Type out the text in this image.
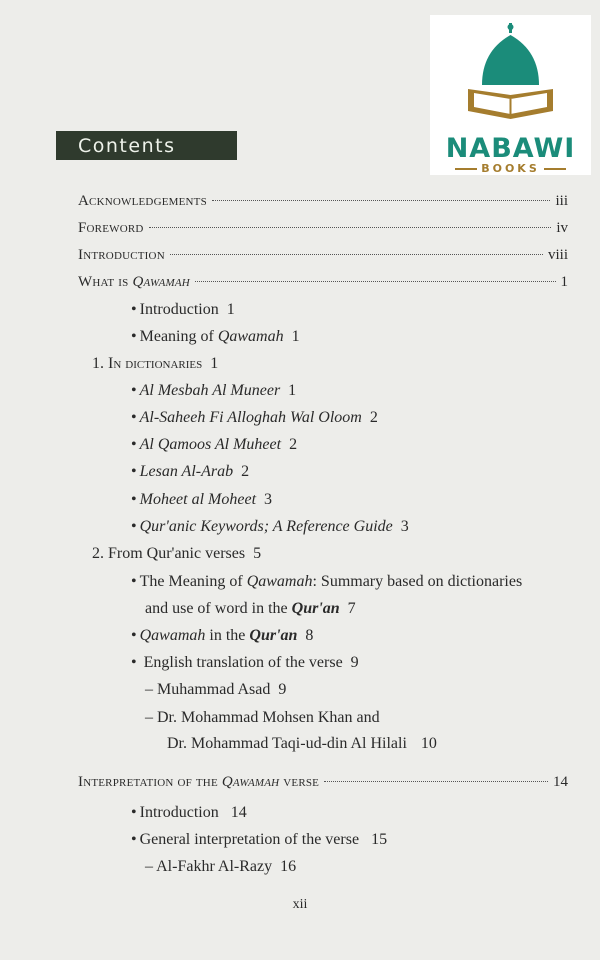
NABAWI
BOOKS
Contents
Acknowledgements	iii
Foreword	iv
Introduction	viii
What is Qawamah	1
• Introduction 1
• Meaning of Qawamah 1
1. In dictionaries 1
• Al Mesbah Al Muneer 1
• Al-Saheeh Fi Alloghah Wal Oloom 2
• Al Qamoos Al Muheet 2
• Lesan Al-Arab 2
• Moheet al Moheet 3
• Qur'anic Keywords; A Reference Guide 3
2. From Qur'anic verses 5
• The Meaning of Qawamah: Summary based on dictionaries
and use of word in the Qur'an 7
• Qawamah in the Qur'an 8
• English translation of the verse 9
– Muhammad Asad 9
– Dr. Mohammad Mohsen Khan and
Dr. Mohammad Taqi-ud-din Al Hilali 10
Interpretation of the Qawamah verse	14
• Introduction 14
• General interpretation of the verse 15
– Al-Fakhr Al-Razy 16
xii
